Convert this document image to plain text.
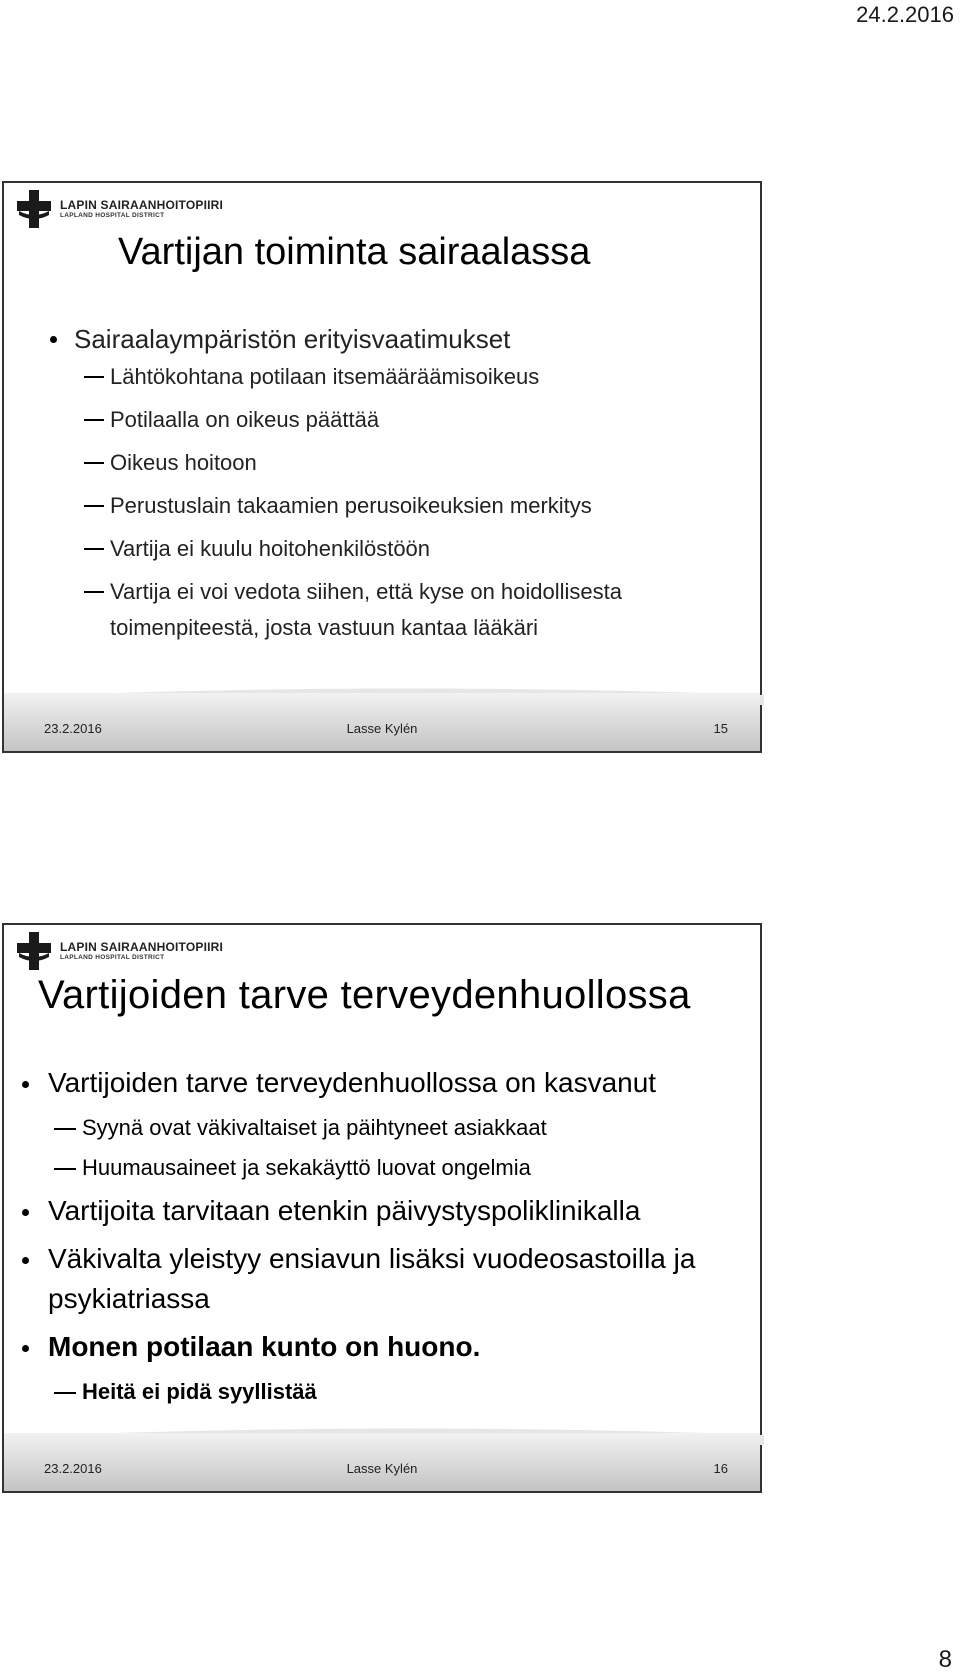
24.2.2016
LAPIN SAIRAANHOITOPIIRI
LAPLAND HOSPITAL DISTRICT
Vartijan toiminta sairaalassa
Sairaalaympäristön erityisvaatimukset
Lähtökohtana potilaan itsemääräämisoikeus
Potilaalla on oikeus päättää
Oikeus hoitoon
Perustuslain takaamien perusoikeuksien merkitys
Vartija ei kuulu hoitohenkilöstöön
Vartija ei voi vedota siihen, että kyse on hoidollisesta toimenpiteestä, josta vastuun kantaa lääkäri
23.2.2016	Lasse Kylén	15
LAPIN SAIRAANHOITOPIIRI
LAPLAND HOSPITAL DISTRICT
Vartijoiden tarve terveydenhuollossa
Vartijoiden tarve terveydenhuollossa on kasvanut
Syynä ovat väkivaltaiset ja päihtyneet asiakkaat
Huumausaineet ja sekakäyttö luovat ongelmia
Vartijoita tarvitaan etenkin päivystyspoliklinikalla
Väkivalta yleistyy ensiavun lisäksi vuodeosastoilla ja psykiatriassa
Monen potilaan kunto on huono.
Heitä ei pidä syyllistää
23.2.2016	Lasse Kylén	16
8
